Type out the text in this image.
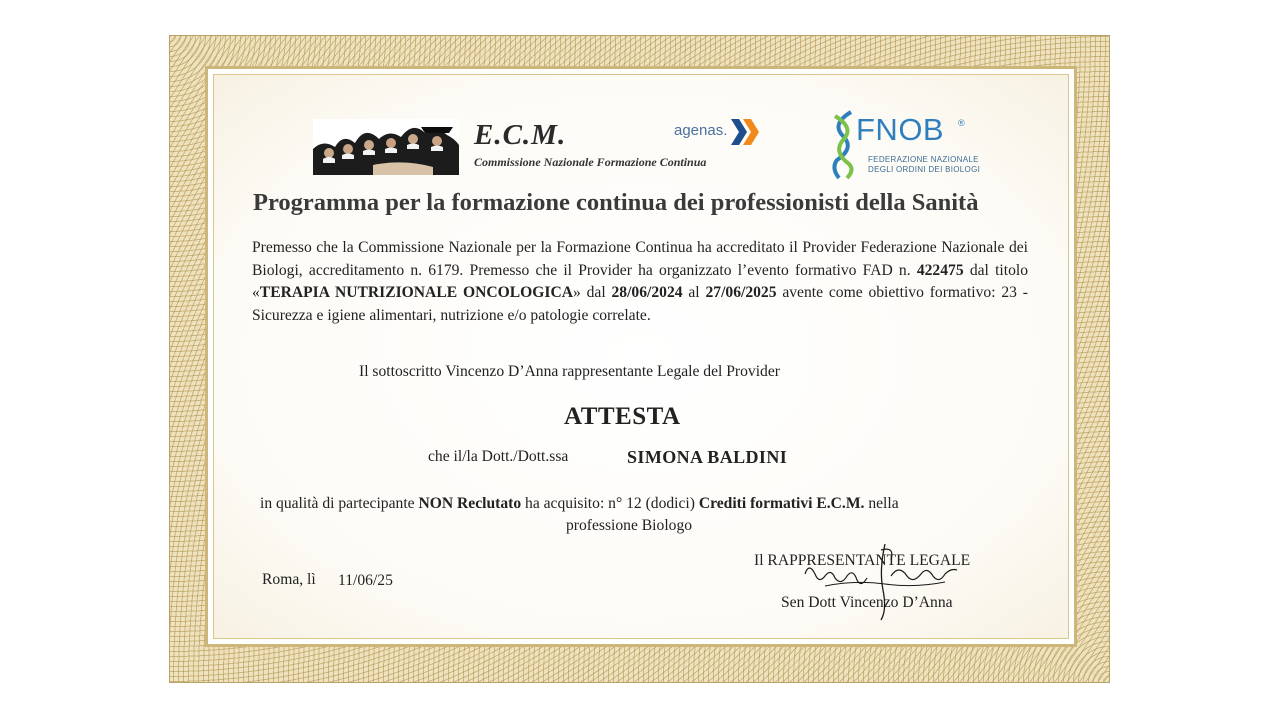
E.C.M.
Commissione Nazionale Formazione Continua
agenas.	FNOB ®
FEDERAZIONE NAZIONALE
DEGLI ORDINI DEI BIOLOGI
Programma per la formazione continua dei professionisti della Sanità
Premesso che la Commissione Nazionale per la Formazione Continua ha accreditato il Provider Federazione Nazionale dei Biologi, accreditamento n. 6179. Premesso che il Provider ha organizzato l’evento formativo FAD n. 422475 dal titolo «TERAPIA NUTRIZIONALE ONCOLOGICA» dal 28/06/2024 al 27/06/2025 avente come obiettivo formativo: 23 - Sicurezza e igiene alimentari, nutrizione e/o patologie correlate.
Il sottoscritto Vincenzo D’Anna rappresentante Legale del Provider
ATTESTA
che il/la Dott./Dott.ssa	SIMONA BALDINI
in qualità di partecipante NON Reclutato ha acquisito: n° 12 (dodici) Crediti formativi E.C.M. nella
professione Biologo
Roma, lì 11/06/25
Il RAPPRESENTANTE LEGALE
Sen Dott Vincenzo D’Anna
